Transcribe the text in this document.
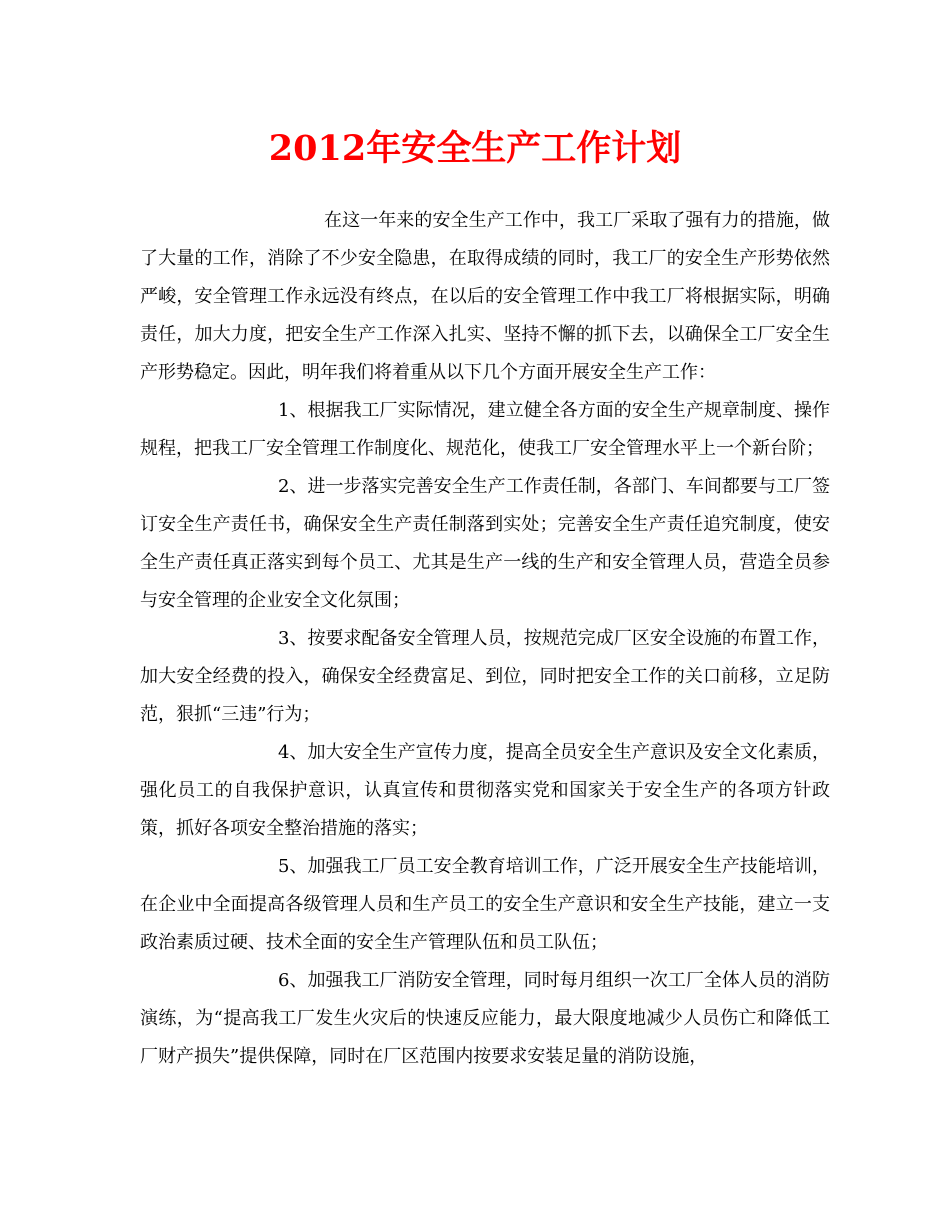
2012年安全生产工作计划

在这一年来的安全生产工作中，我工厂采取了强有力的措施，做了大量的工作，消除了不少安全隐患，在取得成绩的同时，我工厂的安全生产形势依然严峻，安全管理工作永远没有终点，在以后的安全管理工作中我工厂将根据实际，明确责任，加大力度，把安全生产工作深入扎实、坚持不懈的抓下去，以确保全工厂安全生产形势稳定。因此，明年我们将着重从以下几个方面开展安全生产工作：

1、根据我工厂实际情况，建立健全各方面的安全生产规章制度、操作规程，把我工厂安全管理工作制度化、规范化，使我工厂安全管理水平上一个新台阶；

2、进一步落实完善安全生产工作责任制，各部门、车间都要与工厂签订安全生产责任书，确保安全生产责任制落到实处；完善安全生产责任追究制度，使安全生产责任真正落实到每个员工、尤其是生产一线的生产和安全管理人员，营造全员参与安全管理的企业安全文化氛围；

3、按要求配备安全管理人员，按规范完成厂区安全设施的布置工作，加大安全经费的投入，确保安全经费富足、到位，同时把安全工作的关口前移，立足防范，狠抓“三违”行为；

4、加大安全生产宣传力度，提高全员安全生产意识及安全文化素质，强化员工的自我保护意识，认真宣传和贯彻落实党和国家关于安全生产的各项方针政策，抓好各项安全整治措施的落实；

5、加强我工厂员工安全教育培训工作，广泛开展安全生产技能培训，在企业中全面提高各级管理人员和生产员工的安全生产意识和安全生产技能，建立一支政治素质过硬、技术全面的安全生产管理队伍和员工队伍；

6、加强我工厂消防安全管理，同时每月组织一次工厂全体人员的消防演练，为“提高我工厂发生火灾后的快速反应能力，最大限度地减少人员伤亡和降低工厂财产损失”提供保障，同时在厂区范围内按要求安装足量的消防设施，
